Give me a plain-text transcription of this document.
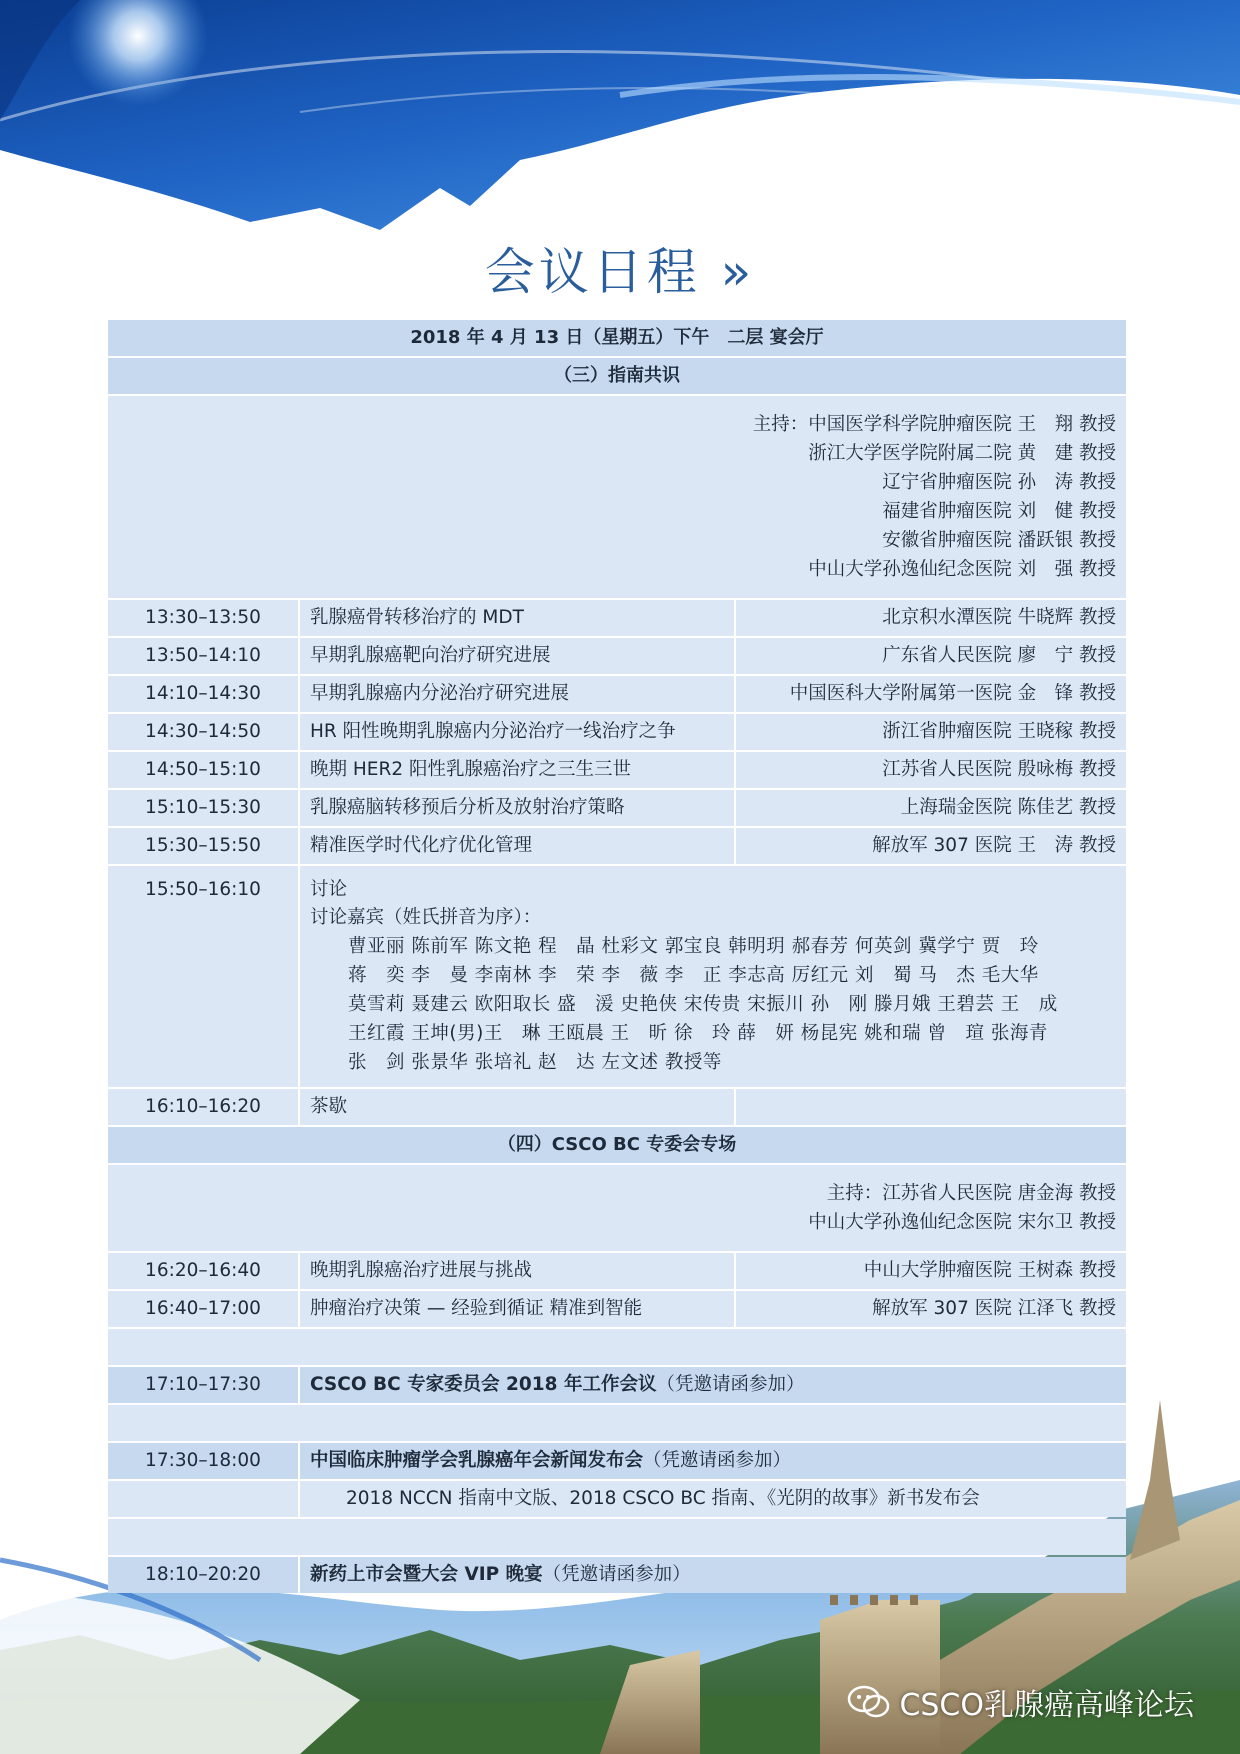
会议日程 »
2018 年 4 月 13 日（星期五）下午　二层 宴会厅
（三）指南共识
主持：中国医学科学院肿瘤医院 王　翔 教授
浙江大学医学院附属二院 黄　建 教授
辽宁省肿瘤医院 孙　涛 教授
福建省肿瘤医院 刘　健 教授
安徽省肿瘤医院 潘跃银 教授
中山大学孙逸仙纪念医院 刘　强 教授
13:30–13:50	乳腺癌骨转移治疗的 MDT	北京积水潭医院 牛晓辉 教授
13:50–14:10	早期乳腺癌靶向治疗研究进展	广东省人民医院 廖　宁 教授
14:10–14:30	早期乳腺癌内分泌治疗研究进展	中国医科大学附属第一医院 金　锋 教授
14:30–14:50	HR 阳性晚期乳腺癌内分泌治疗一线治疗之争	浙江省肿瘤医院 王晓稼 教授
14:50–15:10	晚期 HER2 阳性乳腺癌治疗之三生三世	江苏省人民医院 殷咏梅 教授
15:10–15:30	乳腺癌脑转移预后分析及放射治疗策略	上海瑞金医院 陈佳艺 教授
15:30–15:50	精准医学时代化疗优化管理	解放军 307 医院 王　涛 教授
15:50–16:10	讨论
讨论嘉宾（姓氏拼音为序）：
曹亚丽 陈前军 陈文艳 程　晶 杜彩文 郭宝良 韩明玥 郝春芳 何英剑 冀学宁 贾　玲
蒋　奕 李　曼 李南林 李　荣 李　薇 李　正 李志高 厉红元 刘　蜀 马　杰 毛大华
莫雪莉 聂建云 欧阳取长 盛　湲 史艳侠 宋传贵 宋振川 孙　刚 滕月娥 王碧芸 王　成
王红霞 王坤(男)王　琳 王瓯晨 王　昕 徐　玲 薛　妍 杨昆宪 姚和瑞 曾　瑄 张海青
张　剑 张景华 张培礼 赵　达 左文述 教授等
16:10–16:20	茶歇
（四）CSCO BC 专委会专场
主持：江苏省人民医院 唐金海 教授
中山大学孙逸仙纪念医院 宋尔卫 教授
16:20–16:40	晚期乳腺癌治疗进展与挑战	中山大学肿瘤医院 王树森 教授
16:40–17:00	肿瘤治疗决策 — 经验到循证 精准到智能	解放军 307 医院 江泽飞 教授
17:10–17:30	CSCO BC 专家委员会 2018 年工作会议（凭邀请函参加）
17:30–18:00	中国临床肿瘤学会乳腺癌年会新闻发布会（凭邀请函参加）
2018 NCCN 指南中文版、2018 CSCO BC 指南、《光阴的故事》新书发布会
18:10–20:20	新药上市会暨大会 VIP 晚宴（凭邀请函参加）
CSCO乳腺癌高峰论坛
